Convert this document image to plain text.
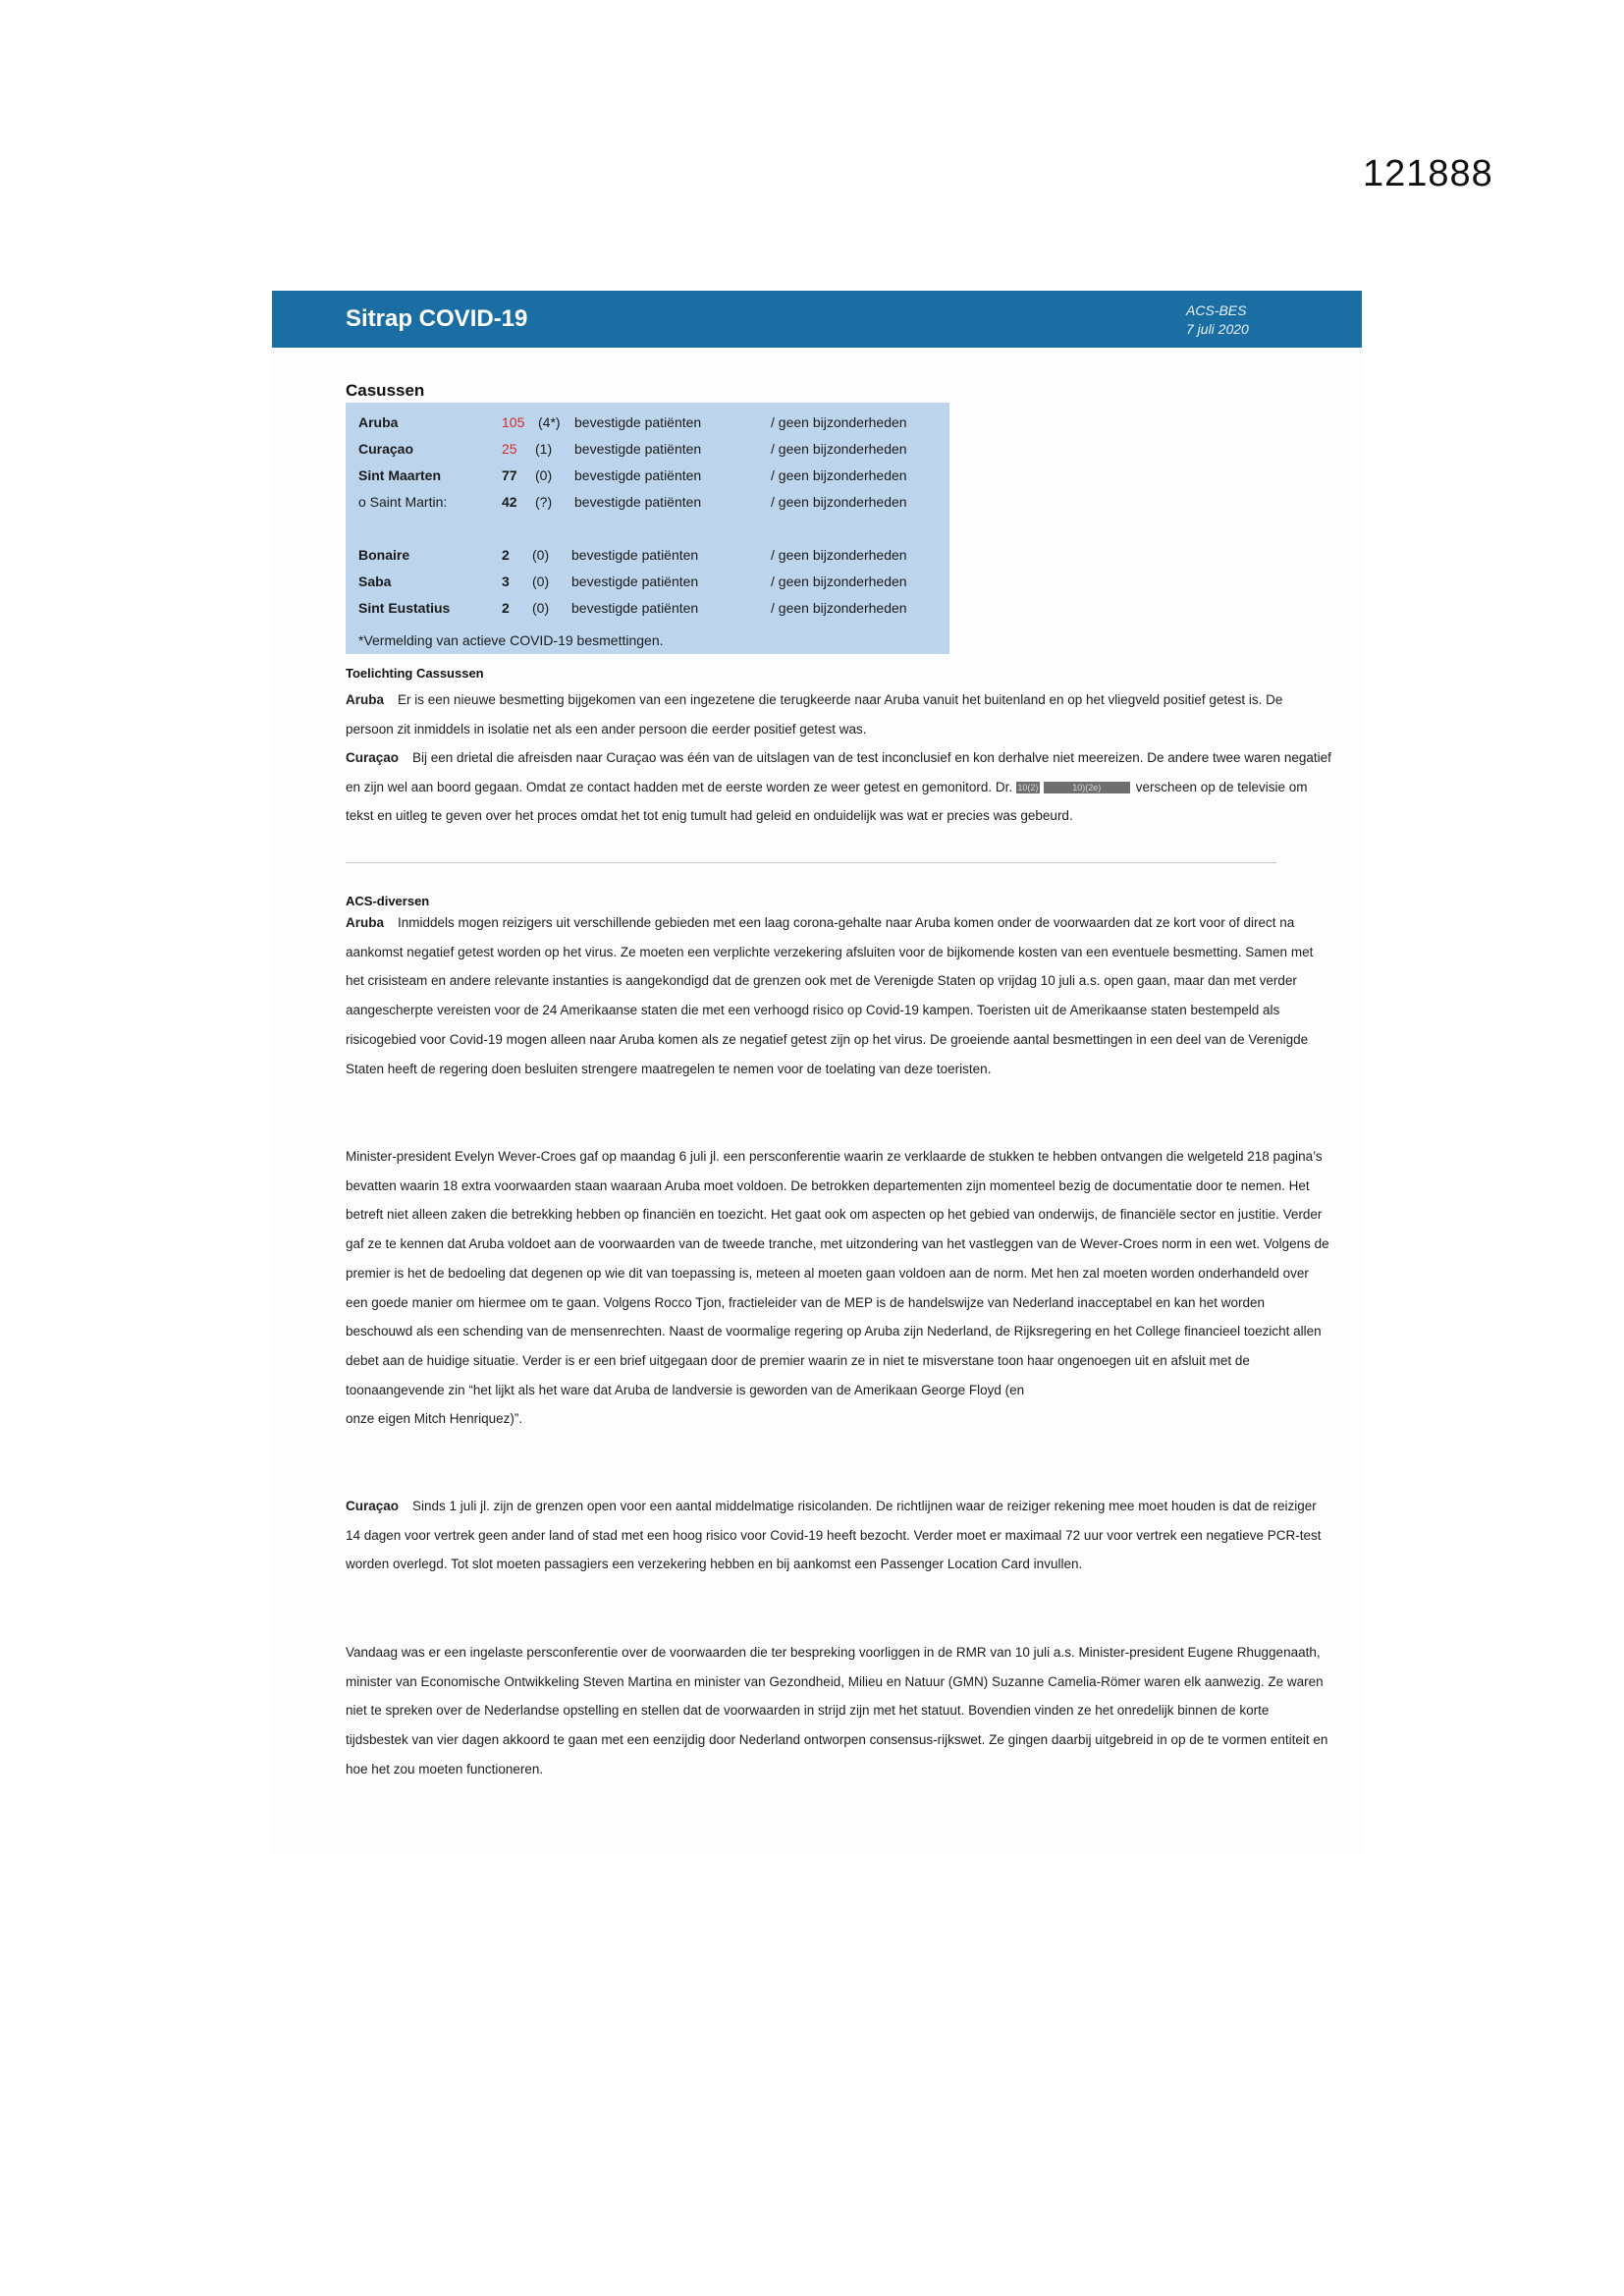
121888
Sitrap COVID-19	ACS-BES
7 juli 2020
Casussen
Aruba	105 (4*) bevestigde patiënten	/ geen bijzonderheden
Curaçao	25 (1) bevestigde patiënten	/ geen bijzonderheden
Sint Maarten	77 (0) bevestigde patiënten	/ geen bijzonderheden
o Saint Martin:	42 (?) bevestigde patiënten	/ geen bijzonderheden
Bonaire	2 (0) bevestigde patiënten	/ geen bijzonderheden
Saba	3 (0) bevestigde patiënten	/ geen bijzonderheden
Sint Eustatius	2 (0) bevestigde patiënten	/ geen bijzonderheden
*Vermelding van actieve COVID-19 besmettingen.
Toelichting Cassussen

Aruba Er is een nieuwe besmetting bijgekomen van een ingezetene die terugkeerde naar Aruba vanuit het buitenland en op het vliegveld positief getest is. De persoon zit inmiddels in isolatie net als een ander persoon die eerder positief getest was.

Curaçao Bij een drietal die afreisden naar Curaçao was één van de uitslagen van de test inconclusief en kon derhalve niet meereizen. De andere twee waren negatief en zijn wel aan boord gegaan. Omdat ze contact hadden met de eerste worden ze weer getest en gemonitord. Dr. 10(2)	10)(2e)	verscheen op de televisie om tekst en uitleg te geven over het proces omdat het tot enig tumult had geleid en onduidelijk was wat er precies was gebeurd.

ACS-diversen

Aruba Inmiddels mogen reizigers uit verschillende gebieden met een laag corona-gehalte naar Aruba komen onder de voorwaarden dat ze kort voor of direct na aankomst negatief getest worden op het virus. Ze moeten een verplichte verzekering afsluiten voor de bijkomende kosten van een eventuele besmetting. Samen met het crisisteam en andere relevante instanties is aangekondigd dat de grenzen ook met de Verenigde Staten op vrijdag 10 juli a.s. open gaan, maar dan met verder aangescherpte vereisten voor de 24 Amerikaanse staten die met een verhoogd risico op Covid-19 kampen. Toeristen uit de Amerikaanse staten bestempeld als risicogebied voor Covid-19 mogen alleen naar Aruba komen als ze negatief getest zijn op het virus. De groeiende aantal besmettingen in een deel van de Verenigde Staten heeft de regering doen besluiten strengere maatregelen te nemen voor de toelating van deze toeristen.

Minister-president Evelyn Wever-Croes gaf op maandag 6 juli jl. een persconferentie waarin ze verklaarde de stukken te hebben ontvangen die welgeteld 218 pagina’s bevatten waarin 18 extra voorwaarden staan waaraan Aruba moet voldoen. De betrokken departementen zijn momenteel bezig de documentatie door te nemen. Het betreft niet alleen zaken die betrekking hebben op financiën en toezicht. Het gaat ook om aspecten op het gebied van onderwijs, de financiële sector en justitie. Verder gaf ze te kennen dat Aruba voldoet aan de voorwaarden van de tweede tranche, met uitzondering van het vastleggen van de Wever-Croes norm in een wet. Volgens de premier is het de bedoeling dat degenen op wie dit van toepassing is, meteen al moeten gaan voldoen aan de norm. Met hen zal moeten worden onderhandeld over een goede manier om hiermee om te gaan. Volgens Rocco Tjon, fractieleider van de MEP is de handelswijze van Nederland inacceptabel en kan het worden beschouwd als een schending van de mensenrechten. Naast de voormalige regering op Aruba zijn Nederland, de Rijksregering en het College financieel toezicht allen debet aan de huidige situatie. Verder is er een brief uitgegaan door de premier waarin ze in niet te misverstane toon haar ongenoegen uit en afsluit met de toonaangevende zin “het lijkt als het ware dat Aruba de landversie is geworden van de Amerikaan George Floyd (en
onze eigen Mitch Henriquez)”.

Curaçao Sinds 1 juli jl. zijn de grenzen open voor een aantal middelmatige risicolanden. De richtlijnen waar de reiziger rekening mee moet houden is dat de reiziger 14 dagen voor vertrek geen ander land of stad met een hoog risico voor Covid-19 heeft bezocht. Verder moet er maximaal 72 uur voor vertrek een negatieve PCR-test worden overlegd. Tot slot moeten passagiers een verzekering hebben en bij aankomst een Passenger Location Card invullen.

Vandaag was er een ingelaste persconferentie over de voorwaarden die ter bespreking voorliggen in de RMR van 10 juli a.s. Minister-president Eugene Rhuggenaath, minister van Economische Ontwikkeling Steven Martina en minister van Gezondheid, Milieu en Natuur (GMN) Suzanne Camelia-Römer waren elk aanwezig. Ze waren niet te spreken over de Nederlandse opstelling en stellen dat de voorwaarden in strijd zijn met het statuut. Bovendien vinden ze het onredelijk binnen de korte tijdsbestek van vier dagen akkoord te gaan met een eenzijdig door Nederland ontworpen consensus-rijkswet. Ze gingen daarbij uitgebreid in op de te vormen entiteit en hoe het zou moeten functioneren.
